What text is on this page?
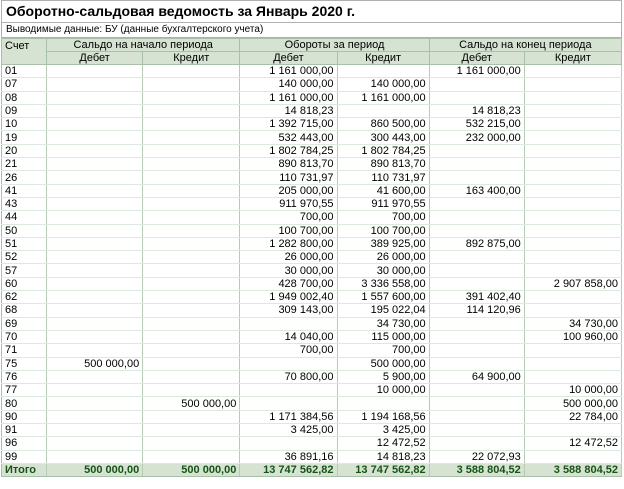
Оборотно-сальдовая ведомость за Январь 2020 г.
Выводимые данные: БУ (данные бухгалтерского учета)
Счет	Сальдо на начало периода		Обороты за период		Сальдо на конец периода	
	Дебет	Кредит	Дебет	Кредит	Дебет	Кредит
01			1 161 000,00		1 161 000,00	
07			140 000,00	140 000,00		
08			1 161 000,00	1 161 000,00		
09			14 818,23		14 818,23	
10			1 392 715,00	860 500,00	532 215,00	
19			532 443,00	300 443,00	232 000,00	
20			1 802 784,25	1 802 784,25		
21			890 813,70	890 813,70		
26			110 731,97	110 731,97		
41			205 000,00	41 600,00	163 400,00	
43			911 970,55	911 970,55		
44			700,00	700,00		
50			100 700,00	100 700,00		
51			1 282 800,00	389 925,00	892 875,00	
52			26 000,00	26 000,00		
57			30 000,00	30 000,00		
60			428 700,00	3 336 558,00		2 907 858,00
62			1 949 002,40	1 557 600,00	391 402,40	
68			309 143,00	195 022,04	114 120,96	
69				34 730,00		34 730,00
70			14 040,00	115 000,00		100 960,00
71			700,00	700,00		
75	500 000,00			500 000,00		
76			70 800,00	5 900,00	64 900,00	
77				10 000,00		10 000,00
80		500 000,00				500 000,00
90			1 171 384,56	1 194 168,56		22 784,00
91			3 425,00	3 425,00		
96				12 472,52		12 472,52
99			36 891,16	14 818,23	22 072,93	
Итого	500 000,00	500 000,00	13 747 562,82	13 747 562,82	3 588 804,52	3 588 804,52
